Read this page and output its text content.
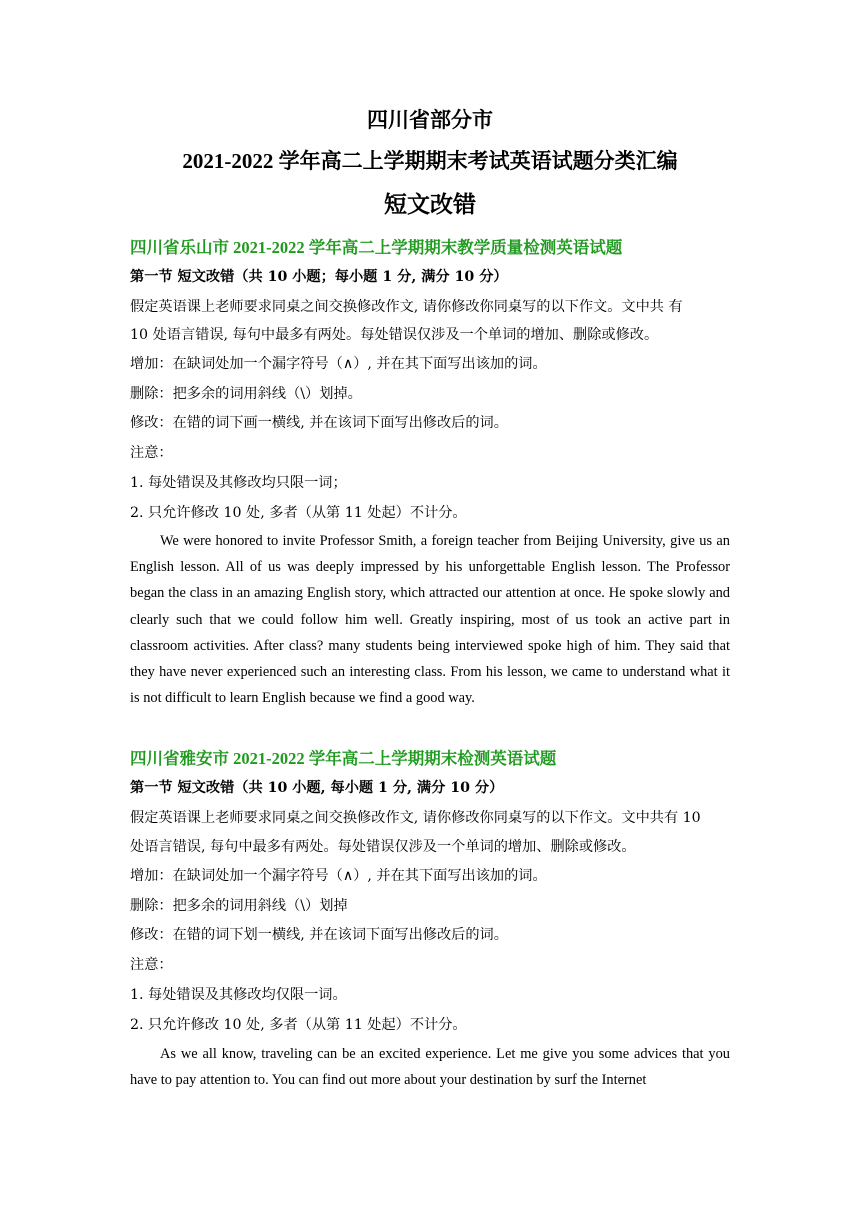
四川省部分市
2021-2022 学年高二上学期期末考试英语试题分类汇编
短文改错
四川省乐山市 2021-2022 学年高二上学期期末教学质量检测英语试题
第一节 短文改错（共 10 小题；每小题 1 分, 满分 10 分）
假定英语课上老师要求同桌之间交换修改作文, 请你修改你同桌写的以下作文。文中共 有
10 处语言错误, 每句中最多有两处。每处错误仅涉及一个单词的增加、删除或修改。
增加：在缺词处加一个漏字符号（∧）, 并在其下面写出该加的词。
删除：把多余的词用斜线（\）划掉。
修改：在错的词下画一横线, 并在该词下面写出修改后的词。
注意：
1. 每处错误及其修改均只限一词；
2. 只允许修改 10 处, 多者（从第 11 处起）不计分。
We were honored to invite Professor Smith, a foreign teacher from Beijing University, give us an English lesson. All of us was deeply impressed by his unforgettable English lesson. The Professor began the class in an amazing English story, which attracted our attention at once. He spoke slowly and clearly such that we could follow him well. Greatly inspiring, most of us took an active part in classroom activities. After class? many students being interviewed spoke high of him. They said that they have never experienced such an interesting class. From his lesson, we came to understand what it is not difficult to learn English because we find a good way.
四川省雅安市 2021-2022 学年高二上学期期末检测英语试题
第一节 短文改错（共 10 小题, 每小题 1 分, 满分 10 分）
假定英语课上老师要求同桌之间交换修改作文, 请你修改你同桌写的以下作文。文中共有 10
处语言错误, 每句中最多有两处。每处错误仅涉及一个单词的增加、删除或修改。
增加：在缺词处加一个漏字符号（∧）, 并在其下面写出该加的词。
删除：把多余的词用斜线（\）划掉
修改：在错的词下划一横线, 并在该词下面写出修改后的词。
注意：
1. 每处错误及其修改均仅限一词。
2. 只允许修改 10 处, 多者（从第 11 处起）不计分。
As we all know, traveling can be an excited experience. Let me give you some advices that you have to pay attention to. You can find out more about your destination by surf the Internet
